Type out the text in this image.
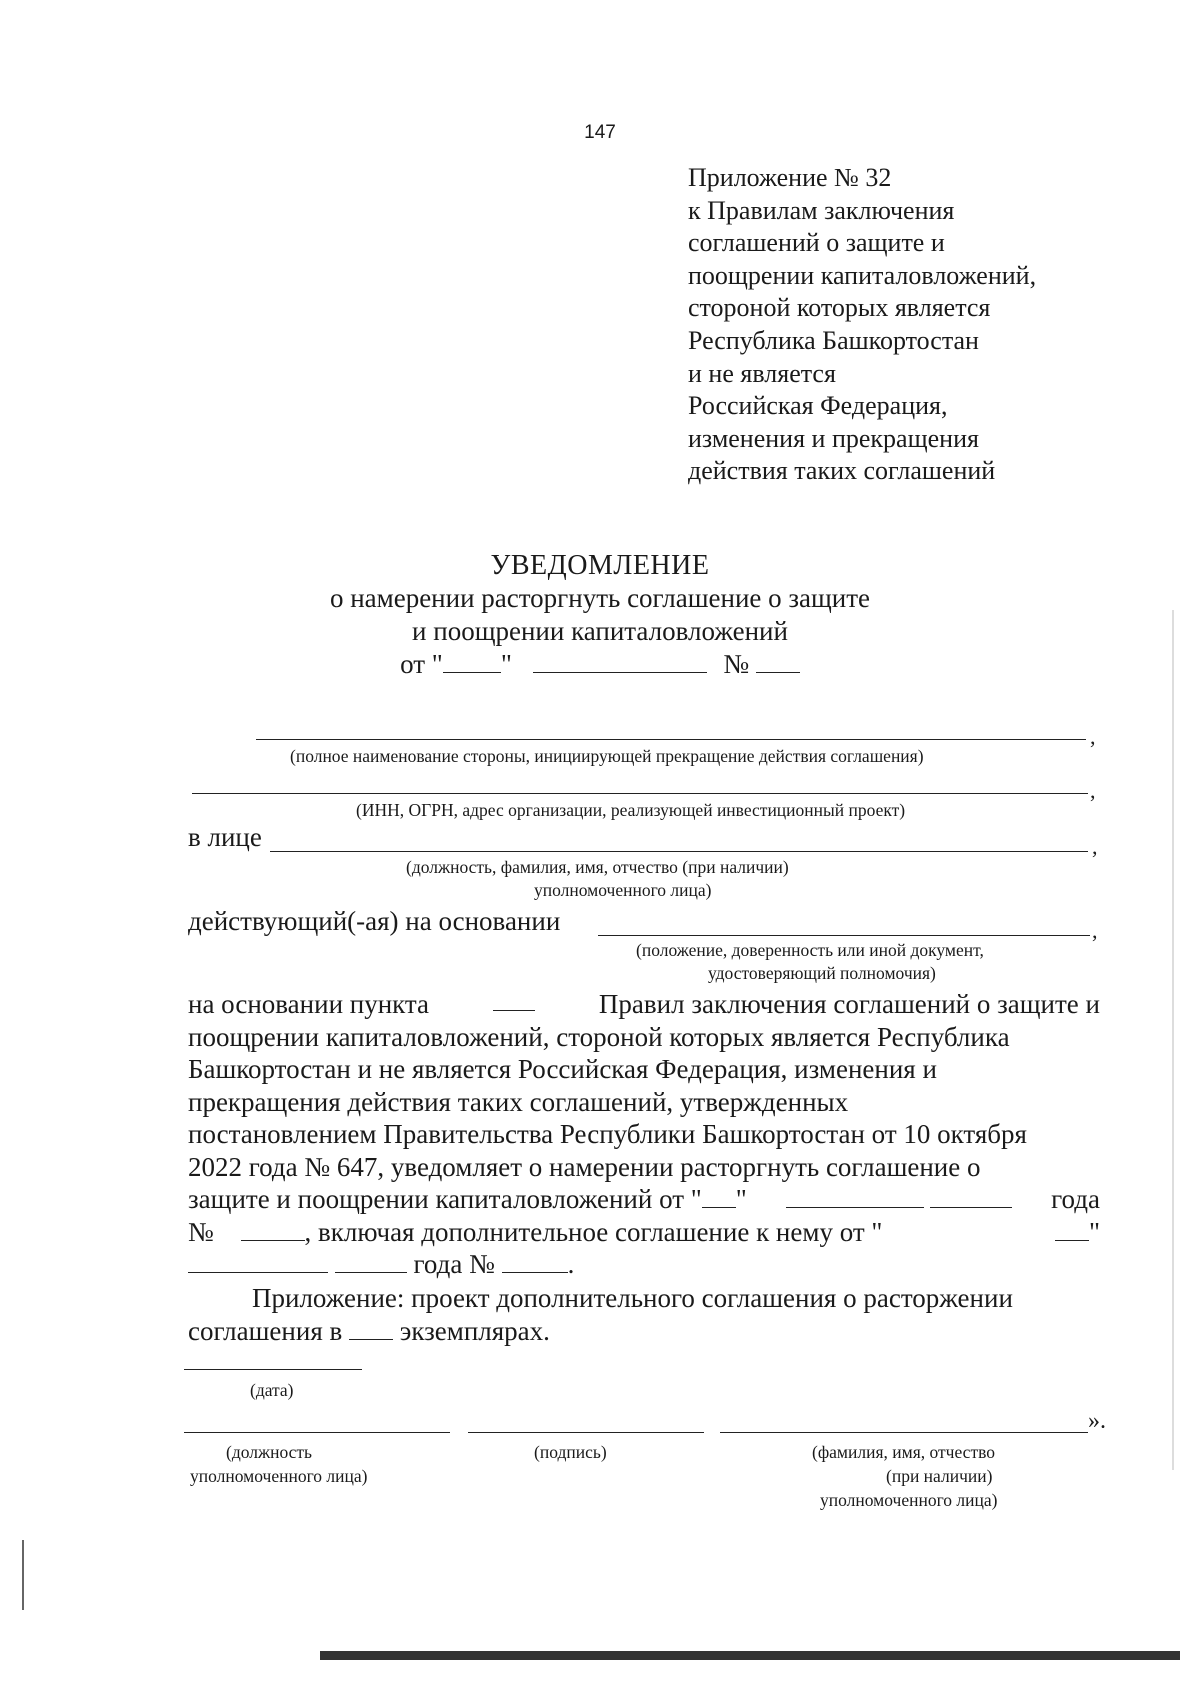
147
Приложение № 32
к Правилам заключения
соглашений о защите и
поощрении капиталовложений,
стороной которых является
Республика Башкортостан
и не является
Российская Федерация,
изменения и прекращения
действия таких соглашений
УВЕДОМЛЕНИЕ
о намерении расторгнуть соглашение о защите
и поощрении капиталовложений
от " "	№
,
(полное наименование стороны, инициирующей прекращение действия соглашения)
,
(ИНН, ОГРН, адрес организации, реализующей инвестиционный проект)
в лице	,
(должность, фамилия, имя, отчество (при наличии)
уполномоченного лица)
действующий(-ая) на основании	,
(положение, доверенность или иной документ,
удостоверяющий полномочия)
на основании пункта	Правил заключения соглашений о защите и
поощрении капиталовложений, стороной которых является Республика
Башкортостан и не является Российская Федерация, изменения и
прекращения действия таких соглашений, утвержденных
постановлением Правительства Республики Башкортостан от 10 октября
2022 года № 647, уведомляет о намерении расторгнуть соглашение о
защите и поощрении капиталовложений от " "
	года
№	, включая дополнительное соглашение к нему от "	"
года №	.
Приложение: проект дополнительного соглашения о расторжении
соглашения в экземплярах.
(дата)
».
(должность
уполномоченного лица)
(подпись)	(фамилия, имя, отчество
(при наличии)
уполномоченного лица)
